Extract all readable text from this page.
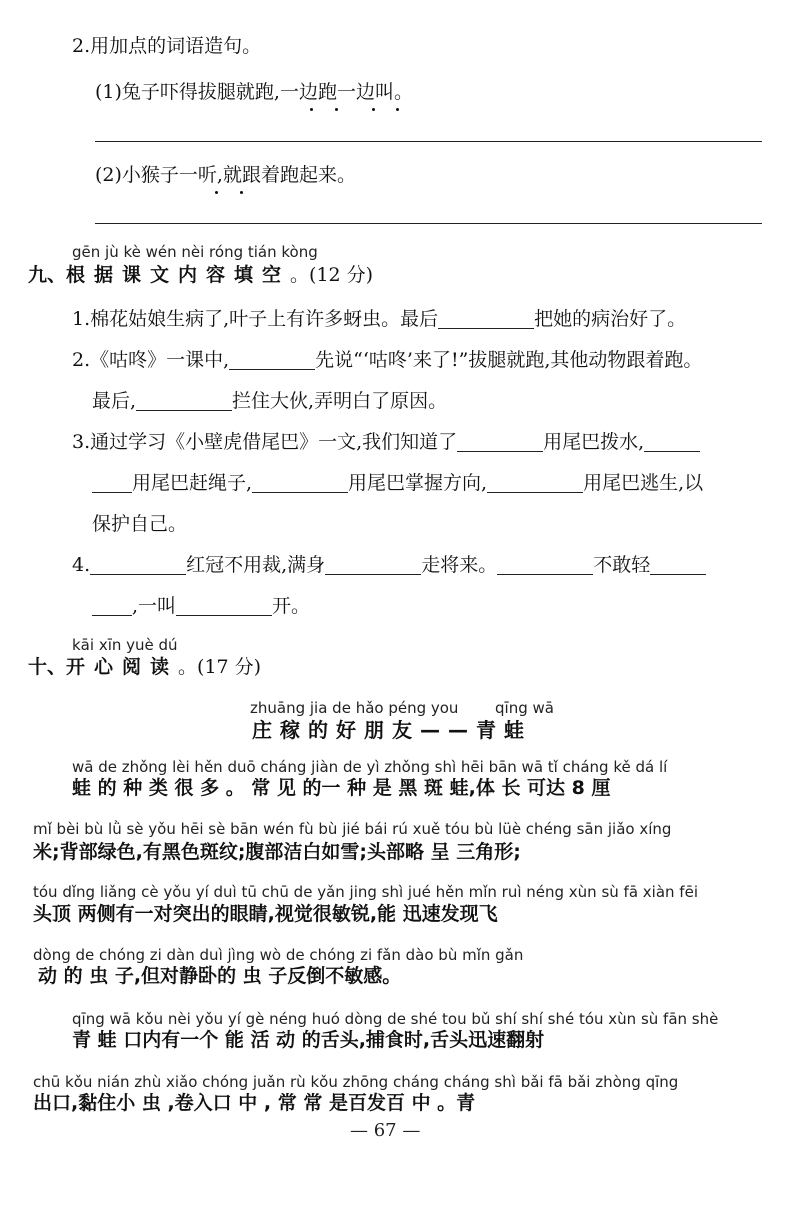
2.用加点的词语造句。
(1)兔子吓得拔腿就跑,一边跑一边叫。
(2)小猴子一听,就跟着跑起来。
gēn jù kè wén nèi róng tián kòng
九、根据课文内容填空。(12 分)
1.棉花姑娘生病了,叶子上有许多蚜虫。最后	把她的病治好了。
2.《咕咚》一课中,	先说“‘咕咚’来了!”拔腿就跑,其他动物跟着跑。
最后,	拦住大伙,弄明白了原因。
3.通过学习《小壁虎借尾巴》一文,我们知道了	用尾巴拨水,
用尾巴赶绳子,	用尾巴掌握方向,	用尾巴逃生,以
保护自己。
4.	红冠不用裁,满身	走将来。	不敢轻
,一叫	开。
kāi xīn yuè dú
十、开心阅读。(17 分)
zhuāng jia de hǎo péng you qīng wā
庄稼的好朋友——青蛙
wā de zhǒng lèi hěn duō cháng jiàn de yì zhǒng shì hēi bān wā tǐ cháng kě dá lí
蛙 的 种 类 很 多 。 常 见 的一 种 是 黑 斑 蛙,体 长 可达 8 厘
mǐ bèi bù lǜ sè yǒu hēi sè bān wén fù bù jié bái rú xuě tóu bù lüè chéng sān jiǎo xíng
米;背部绿色,有黑色斑纹;腹部洁白如雪;头部略 呈 三角形;
tóu dǐng liǎng cè yǒu yí duì tū chū de yǎn jing shì jué hěn mǐn ruì néng xùn sù fā xiàn fēi
头顶 两侧有一对突出的眼睛,视觉很敏锐,能 迅速发现飞
dòng de chóng zi dàn duì jìng wò de chóng zi fǎn dào bù mǐn gǎn
动 的 虫 子,但对静卧的 虫 子反倒不敏感。
qīng wā kǒu nèi yǒu yí gè néng huó dòng de shé tou bǔ shí shí shé tóu xùn sù fān shè
青 蛙 口内有一个 能 活 动 的舌头,捕食时,舌头迅速翻射
chū kǒu nián zhù xiǎo chóng juǎn rù kǒu zhōng cháng cháng shì bǎi fā bǎi zhòng qīng
出口,黏住小 虫 ,卷入口 中 , 常 常 是百发百 中 。青
— 67 —
